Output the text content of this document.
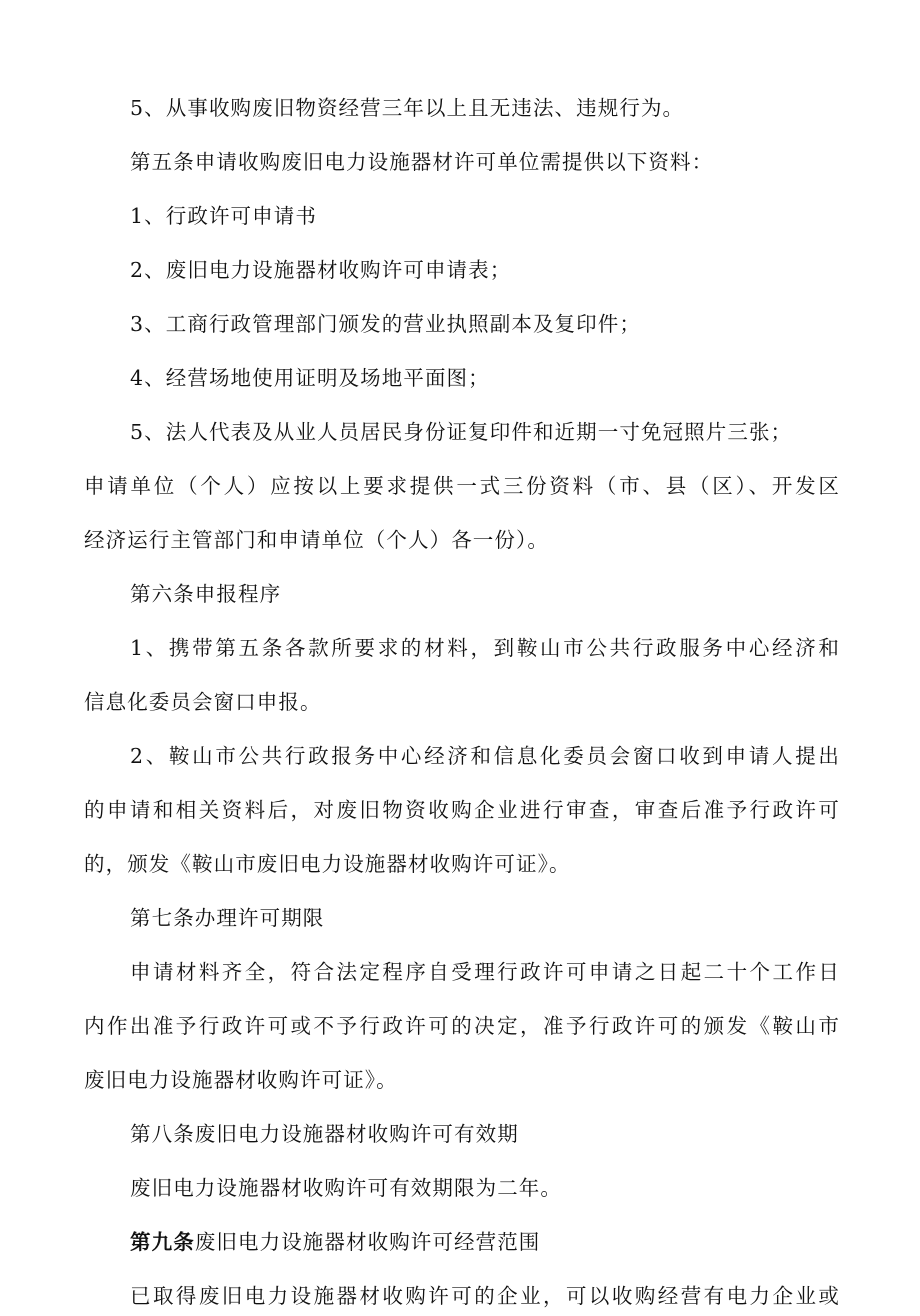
5、从事收购废旧物资经营三年以上且无违法、违规行为。
第五条申请收购废旧电力设施器材许可单位需提供以下资料：
1、行政许可申请书
2、废旧电力设施器材收购许可申请表；
3、工商行政管理部门颁发的营业执照副本及复印件；
4、经营场地使用证明及场地平面图；
5、法人代表及从业人员居民身份证复印件和近期一寸免冠照片三张；
申请单位（个人）应按以上要求提供一式三份资料（市、县（区）、开发区
经济运行主管部门和申请单位（个人）各一份）。
第六条申报程序
1、携带第五条各款所要求的材料，到鞍山市公共行政服务中心经济和
信息化委员会窗口申报。
2、鞍山市公共行政报务中心经济和信息化委员会窗口收到申请人提出
的申请和相关资料后，对废旧物资收购企业进行审查，审查后准予行政许可
的，颁发《鞍山市废旧电力设施器材收购许可证》。
第七条办理许可期限
申请材料齐全，符合法定程序自受理行政许可申请之日起二十个工作日
内作出准予行政许可或不予行政许可的决定，准予行政许可的颁发《鞍山市
废旧电力设施器材收购许可证》。
第八条废旧电力设施器材收购许可有效期
废旧电力设施器材收购许可有效期限为二年。
第九条废旧电力设施器材收购许可经营范围
已取得废旧电力设施器材收购许可的企业，可以收购经营有电力企业或
